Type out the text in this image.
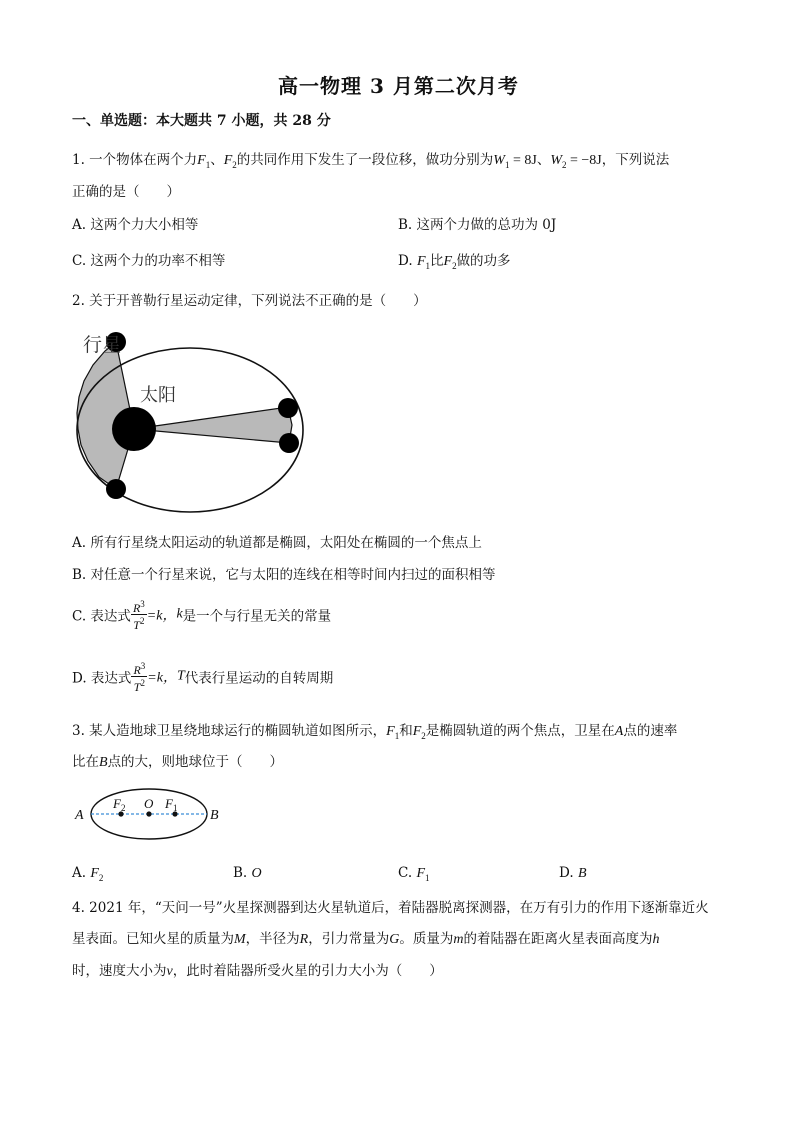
高一物理 3 月第二次月考
一、单选题：本大题共 7 小题，共 28 分
1. 一个物体在两个力$F_1$、$F_2$的共同作用下发生了一段位移，做功分别为$W_1 = 8J$、$W_2 = -8J$，下列说法
正确的是（　　）
A. 这两个力大小相等	B. 这两个力做的总功为 0J
C. 这两个力的功率不相等	D. $F_1$比$F_2$做的功多
2. 关于开普勒行星运动定律，下列说法不正确的是（　　）
行星
太阳
A. 所有行星绕太阳运动的轨道都是椭圆，太阳处在椭圆的一个焦点上
B. 对任意一个行星来说，它与太阳的连线在相等时间内扫过的面积相等
C. 表达式 $\frac{R^3}{T^2} =k$，k是一个与行星无关的常量
D. 表达式 $\frac{R^3}{T^2} =k$，T代表行星运动的自转周期
3. 某人造地球卫星绕地球运行的椭圆轨道如图所示，$F_1$和$F_2$是椭圆轨道的两个焦点，卫星在A点的速率
比在B点的大，则地球位于（　　）
A	B
$F_2$ O $F_1$
A. $F_2$	B. O	C. $F_1$	D. B
4. 2021 年，“天问一号”火星探测器到达火星轨道后，着陆器脱离探测器，在万有引力的作用下逐渐靠近火
星表面。已知火星的质量为M，半径为R，引力常量为G。质量为m的着陆器在距离火星表面高度为h
时，速度大小为v，此时着陆器所受火星的引力大小为（　　）
